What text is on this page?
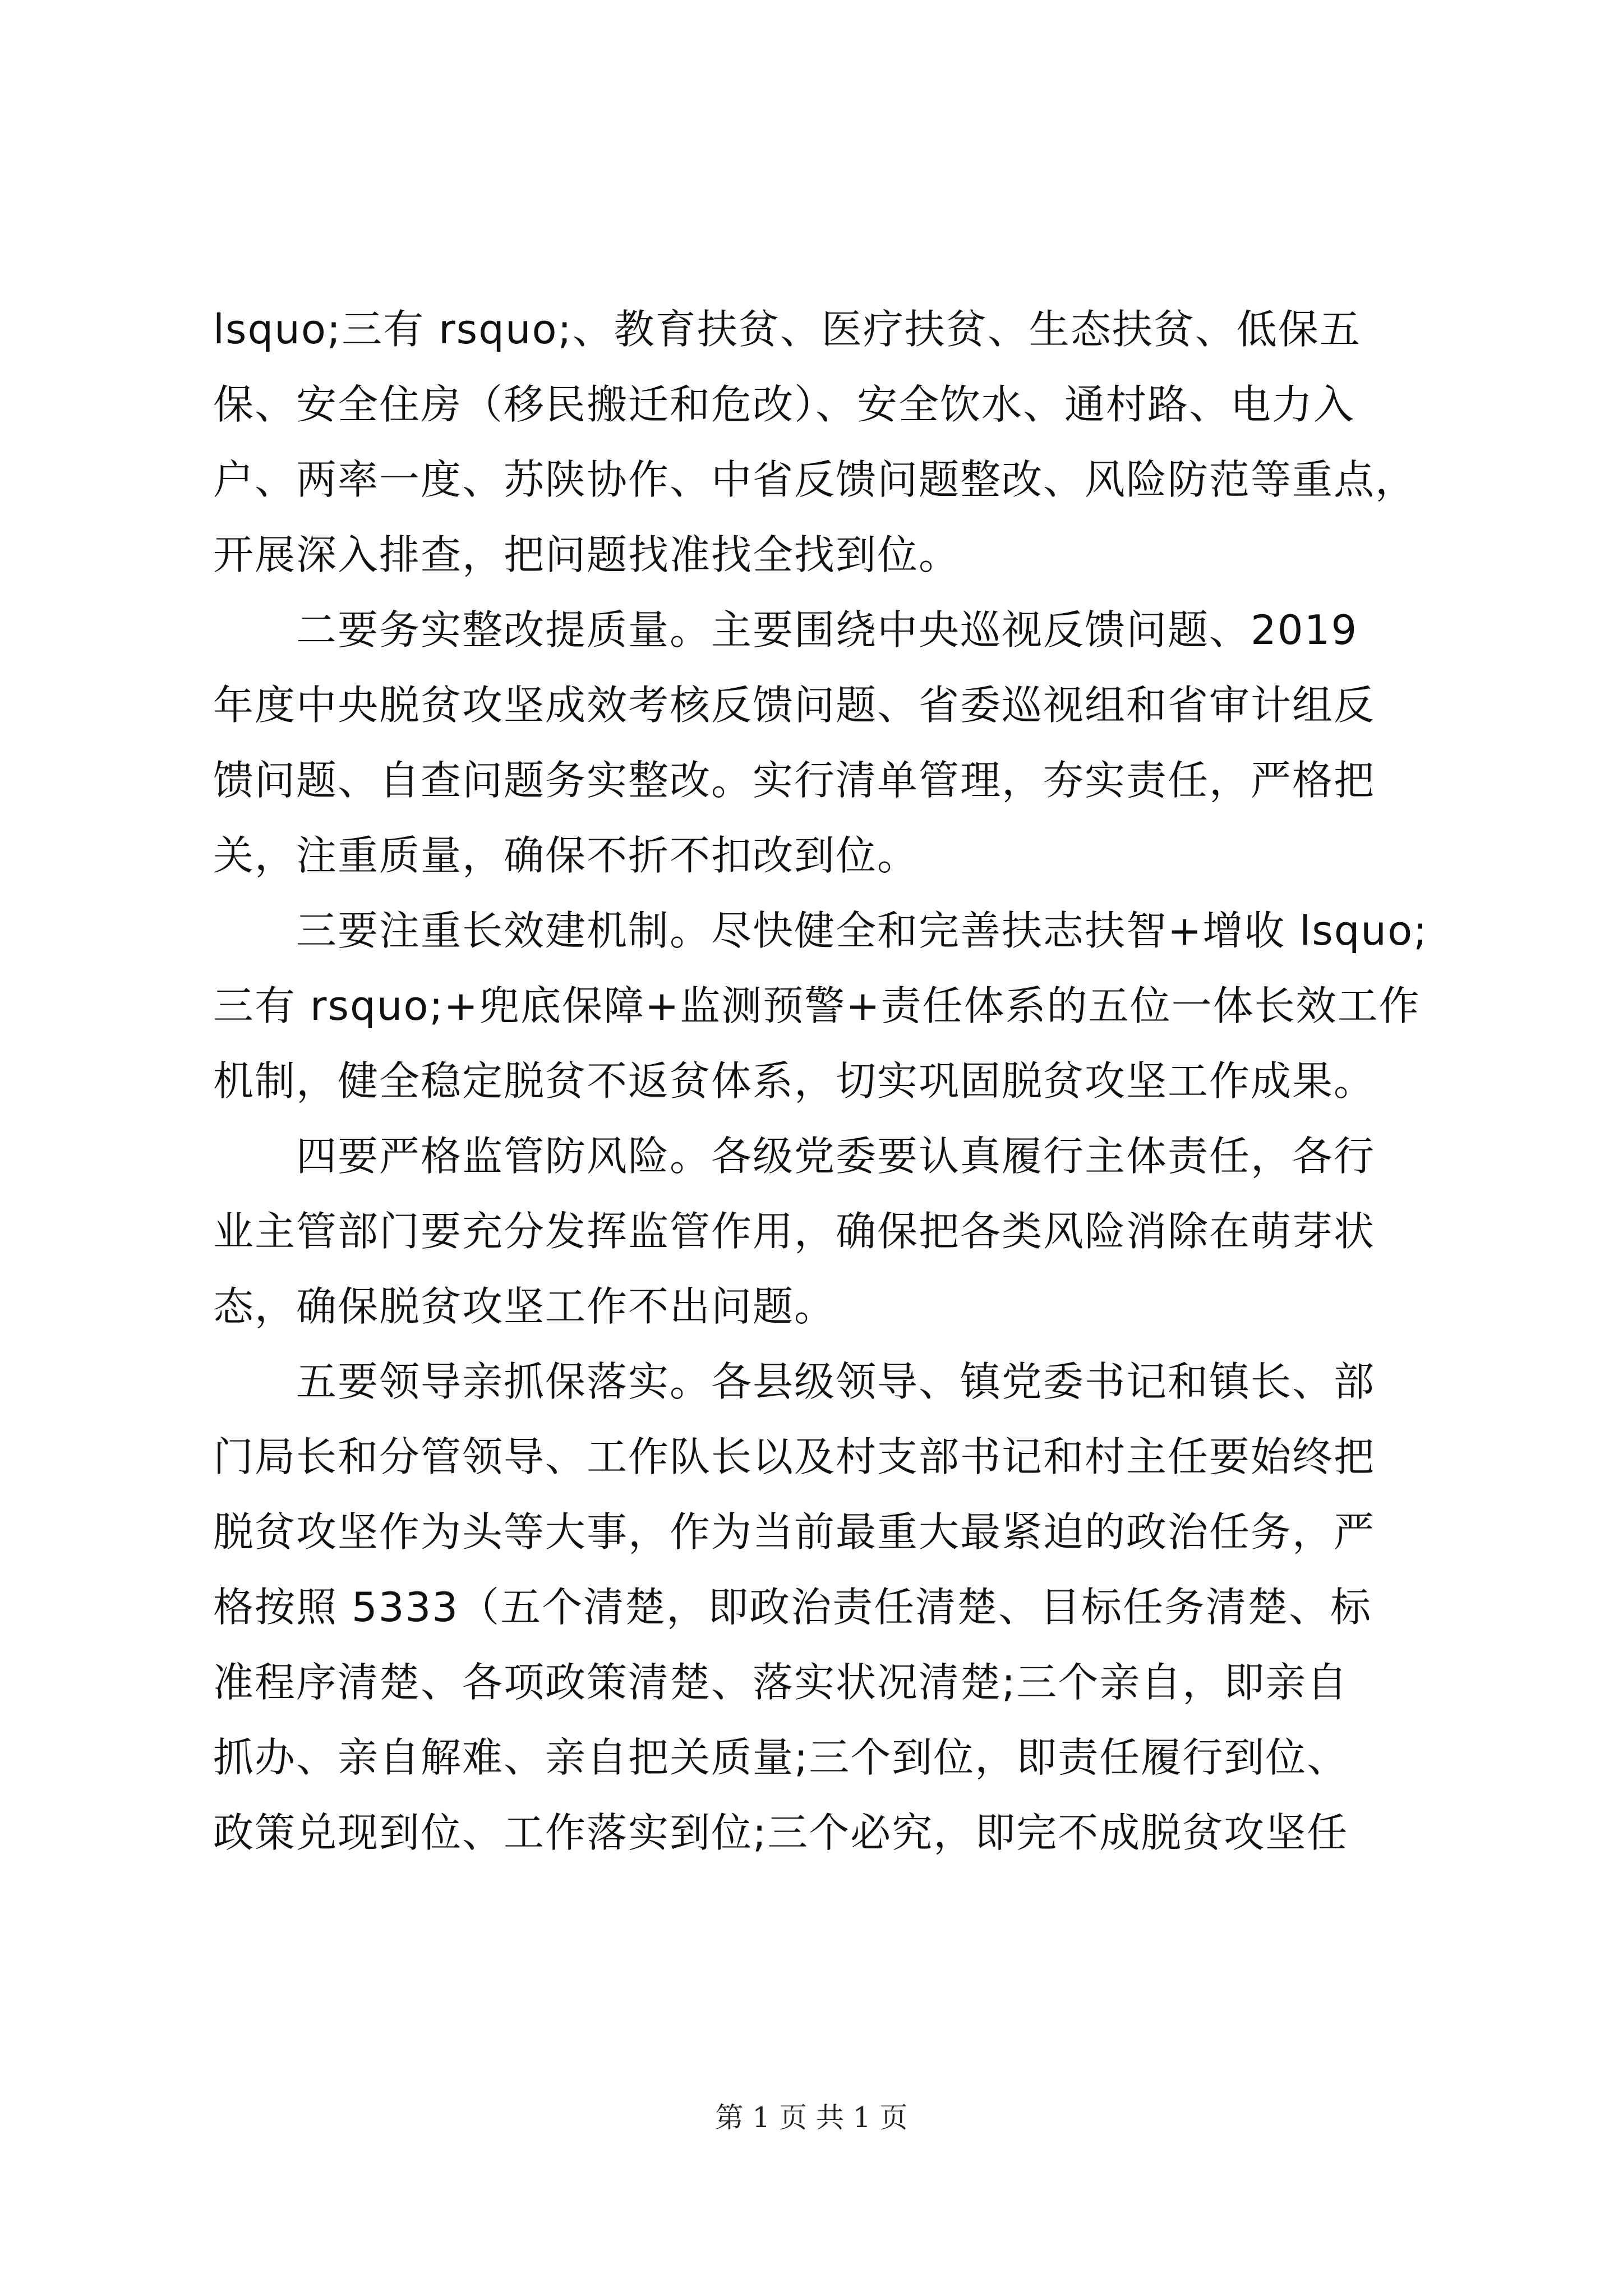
lsquo;三有 rsquo;、教育扶贫、医疗扶贫、生态扶贫、低保五
保、安全住房（移民搬迁和危改）、安全饮水、通村路、电力入
户、两率一度、苏陕协作、中省反馈问题整改、风险防范等重点，
开展深入排查，把问题找准找全找到位。
　　二要务实整改提质量。主要围绕中央巡视反馈问题、2019
年度中央脱贫攻坚成效考核反馈问题、省委巡视组和省审计组反
馈问题、自查问题务实整改。实行清单管理，夯实责任，严格把
关，注重质量，确保不折不扣改到位。
　　三要注重长效建机制。尽快健全和完善扶志扶智+增收 lsquo;
三有 rsquo;+兜底保障+监测预警+责任体系的五位一体长效工作
机制，健全稳定脱贫不返贫体系，切实巩固脱贫攻坚工作成果。
　　四要严格监管防风险。各级党委要认真履行主体责任，各行
业主管部门要充分发挥监管作用，确保把各类风险消除在萌芽状
态，确保脱贫攻坚工作不出问题。
　　五要领导亲抓保落实。各县级领导、镇党委书记和镇长、部
门局长和分管领导、工作队长以及村支部书记和村主任要始终把
脱贫攻坚作为头等大事，作为当前最重大最紧迫的政治任务，严
格按照 5333（五个清楚，即政治责任清楚、目标任务清楚、标
准程序清楚、各项政策清楚、落实状况清楚;三个亲自，即亲自
抓办、亲自解难、亲自把关质量;三个到位，即责任履行到位、
政策兑现到位、工作落实到位;三个必究，即完不成脱贫攻坚任
第 1 页 共 1 页
